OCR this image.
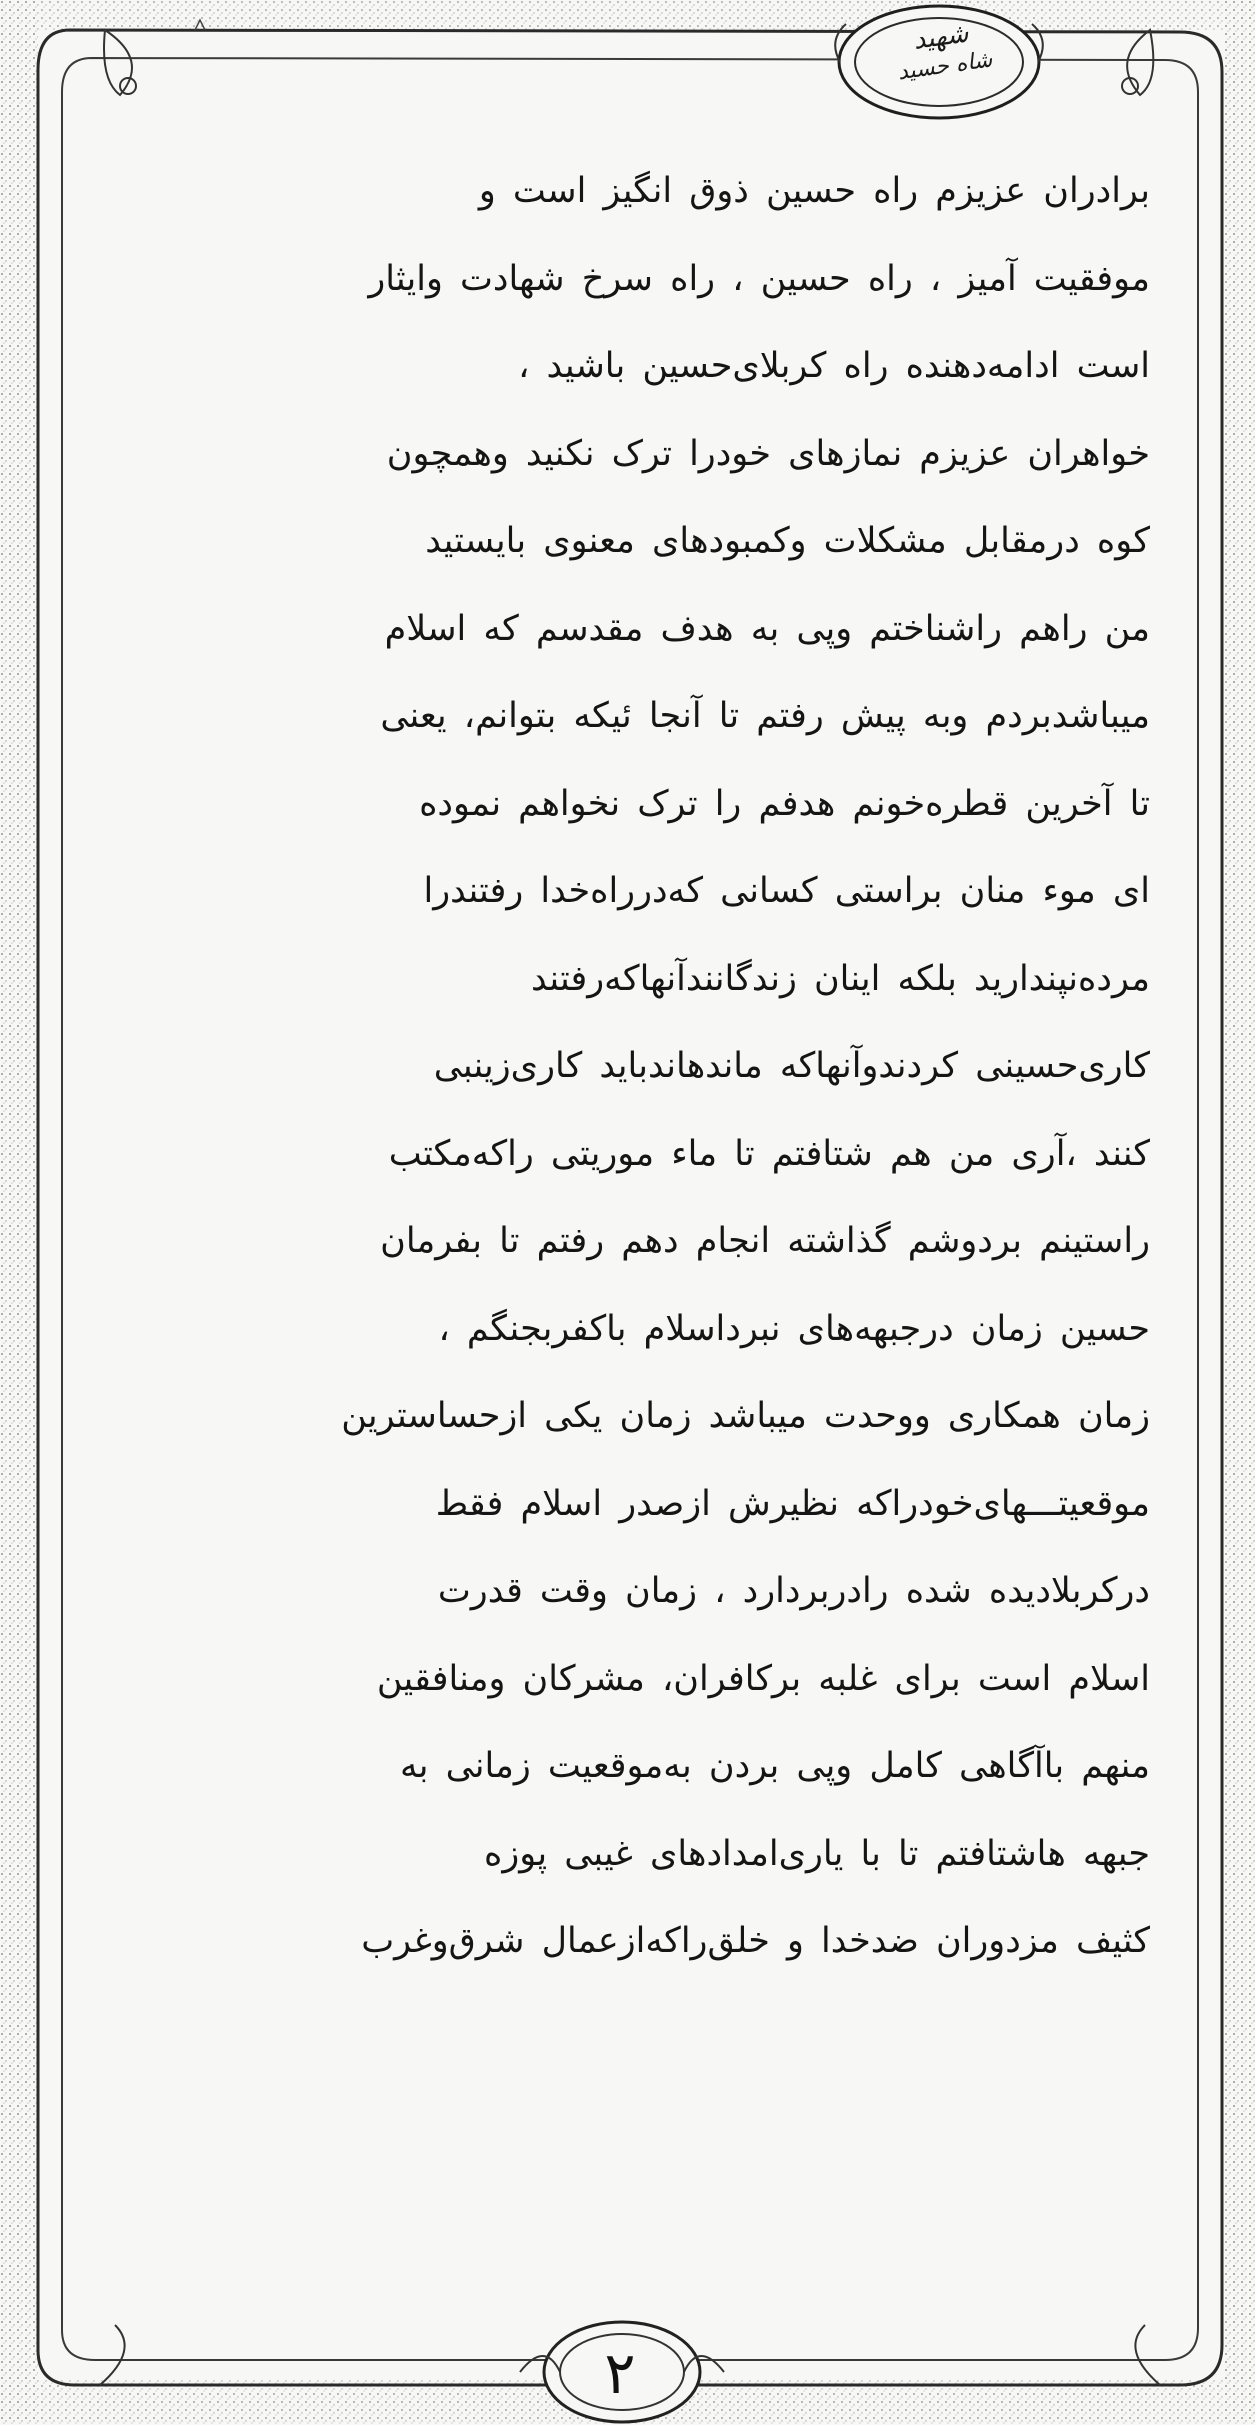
شهید
شاه حسید
برادران عزیزم راه حسین ذوق انگیز است و
موفقیت آمیز ، راه حسین ، راه سرخ شهادت وایثار
است ادامه‌دهنده راه کربلای‌حسین باشید ،
خواهران عزیزم نمازهای خودرا ترک نکنید وهمچون
کوه درمقابل مشکلات وکمبودهای معنوی بایستید
من راهم راشناختم وپی به هدف مقدسم که اسلام
میباشدبردم وبه پیش رفتم تا آنجا ئیکه بتوانم، یعنی
تا آخرین قطره‌خونم هدفم را ترک نخواهم نموده
ای موء منان براستی کسانی که‌درراه‌خدا رفتندرا
مرده‌نپندارید بلکه اینان زندگانندآنهاکه‌رفتند
کاری‌حسینی کردندوآنهاکه ماندهاندباید کاری‌زینبی
کنند ،آری من هم شتافتم تا ماء موریتی راکه‌مکتب
راستینم بردوشم گذاشته انجام دهم رفتم تا بفرمان
حسین زمان درجبهه‌های نبرداسلام باکفربجنگم ،
زمان همکاری ووحدت میباشد زمان یکی ازحساسترین
موقعیتـــهای‌خودراکه نظیرش ازصدر اسلام فقط
درکربلادیده شده رادربردارد ، زمان وقت قدرت
اسلام است برای غلبه برکافران، مشرکان ومنافقین
منهم باآگاهی کامل وپی بردن به‌موقعیت زمانی به
جبهه هاشتافتم تا با یاری‌امدادهای غیبی پوزه
کثیف مزدوران ضدخدا و خلق‌راکه‌ازعمال شرق‌وغرب
۲
